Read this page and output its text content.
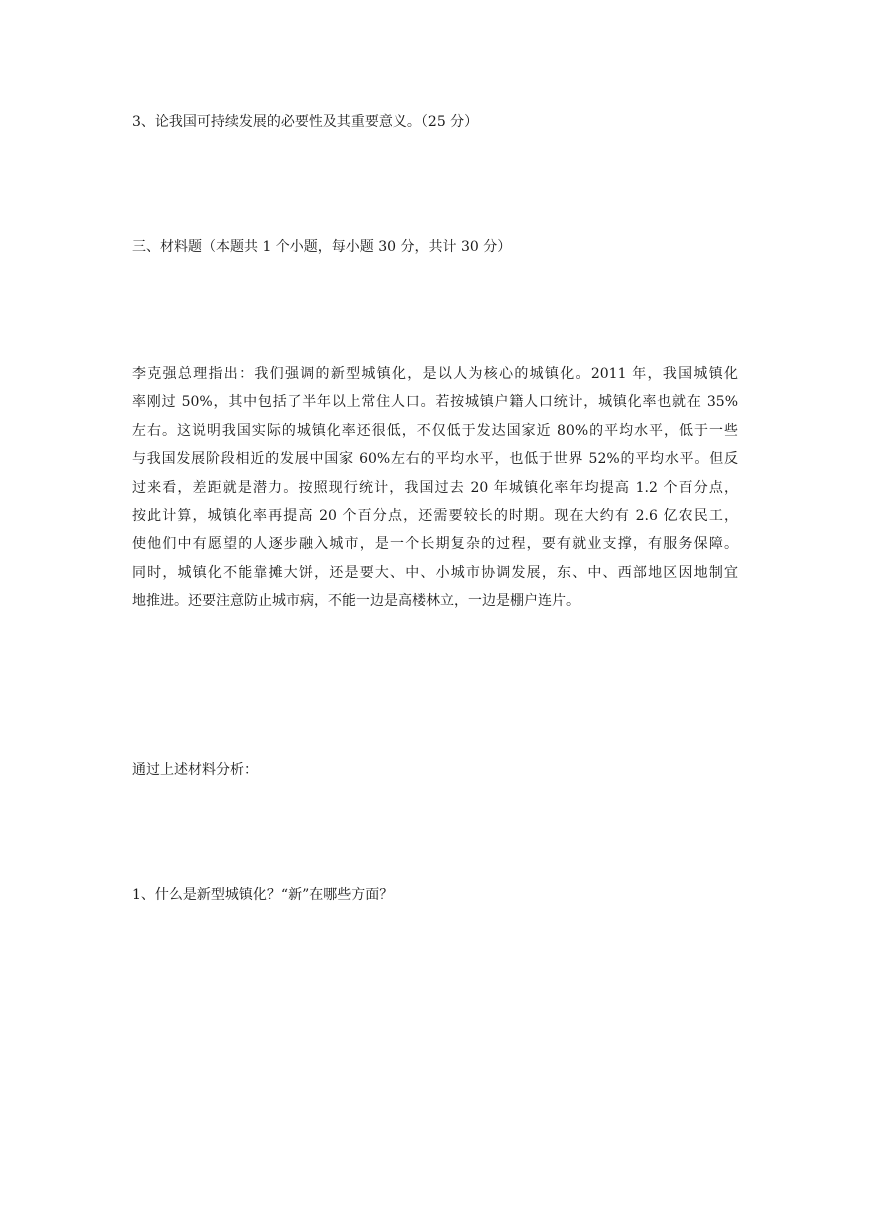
3、论我国可持续发展的必要性及其重要意义。（25 分）
三、材料题（本题共 1 个小题，每小题 30 分，共计 30 分）
李克强总理指出：我们强调的新型城镇化，是以人为核心的城镇化。2011 年，我国城镇化
率刚过 50%，其中包括了半年以上常住人口。若按城镇户籍人口统计，城镇化率也就在 35%
左右。这说明我国实际的城镇化率还很低，不仅低于发达国家近 80%的平均水平，低于一些
与我国发展阶段相近的发展中国家 60%左右的平均水平，也低于世界 52%的平均水平。但反
过来看，差距就是潜力。按照现行统计，我国过去 20 年城镇化率年均提高 1.2 个百分点，
按此计算，城镇化率再提高 20 个百分点，还需要较长的时期。现在大约有 2.6 亿农民工，
使他们中有愿望的人逐步融入城市，是一个长期复杂的过程，要有就业支撑，有服务保障。
同时，城镇化不能靠摊大饼，还是要大、中、小城市协调发展，东、中、西部地区因地制宜
地推进。还要注意防止城市病，不能一边是高楼林立，一边是棚户连片。
通过上述材料分析：
1、什么是新型城镇化？“新”在哪些方面？
